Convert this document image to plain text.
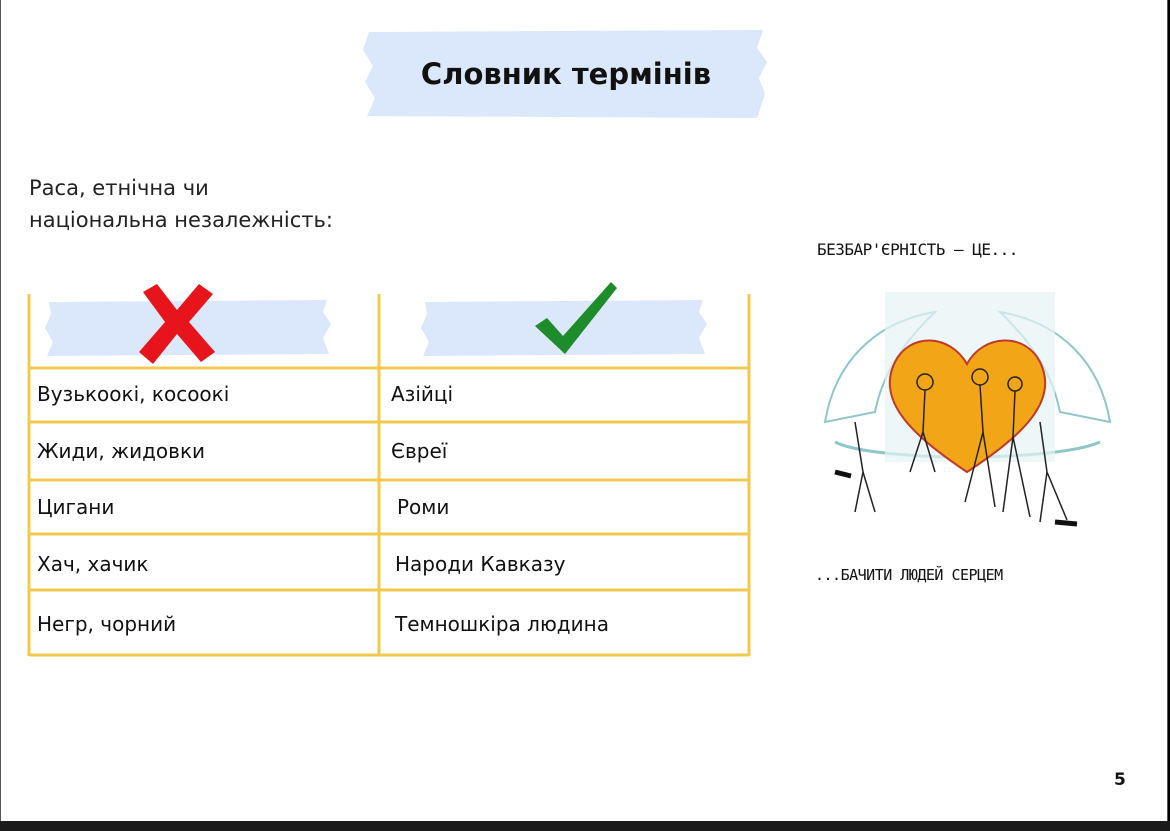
Словник термінів
Раса, етнічна чи
національна незалежність:
Вузькоокі, косоокі	Азійці
Жиди, жидовки	Євреї
Цигани	Роми
Хач, хачик	Народи Кавказу
Негр, чорний	Темношкіра людина
БЕЗБАР'ЄРНІСТЬ — ЦЕ...
...БАЧИТИ ЛЮДЕЙ СЕРЦЕМ
5
